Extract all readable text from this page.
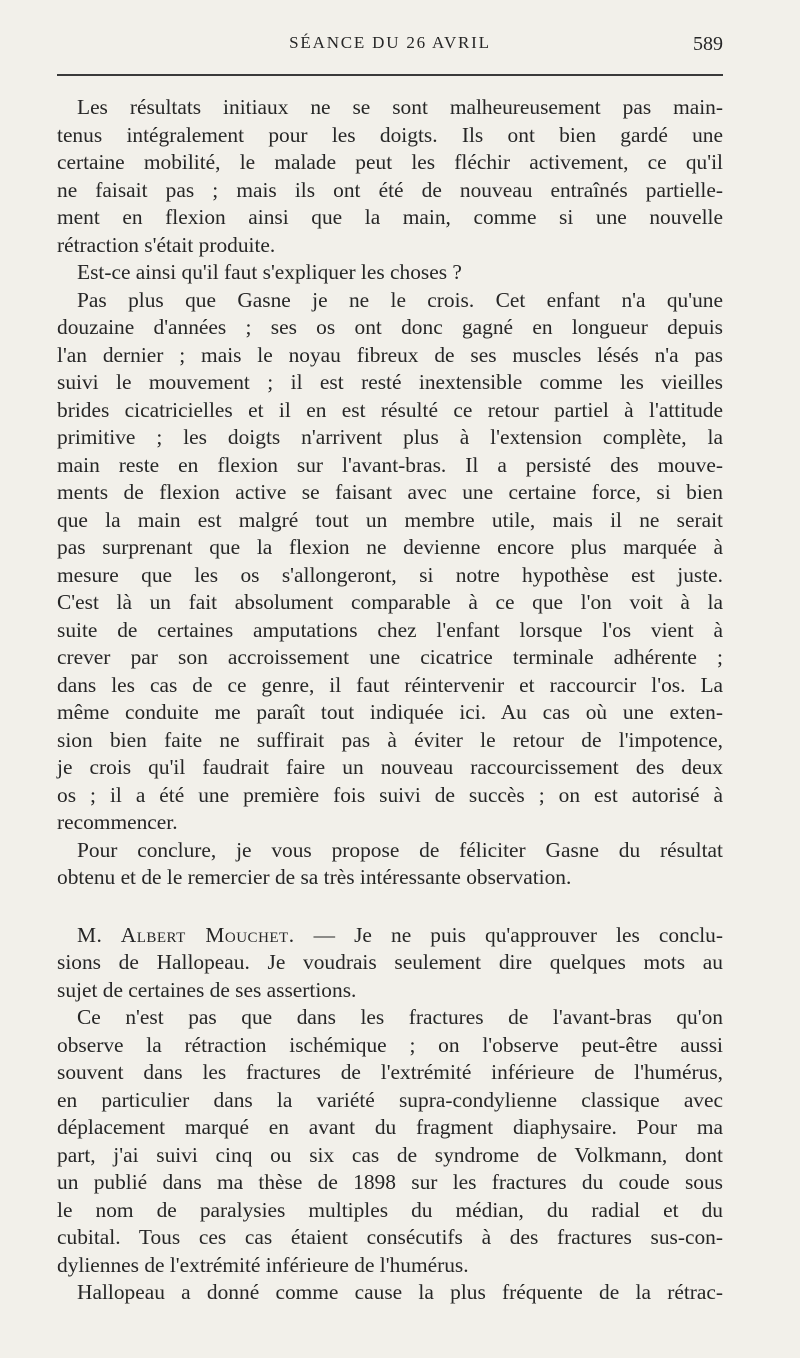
SÉANCE DU 26 AVRIL	589
Les résultats initiaux ne se sont malheureusement pas main-
tenus intégralement pour les doigts. Ils ont bien gardé une
certaine mobilité, le malade peut les fléchir activement, ce qu'il
ne faisait pas ; mais ils ont été de nouveau entraînés partielle-
ment en flexion ainsi que la main, comme si une nouvelle
rétraction s'était produite.
Est-ce ainsi qu'il faut s'expliquer les choses ?
Pas plus que Gasne je ne le crois. Cet enfant n'a qu'une
douzaine d'années ; ses os ont donc gagné en longueur depuis
l'an dernier ; mais le noyau fibreux de ses muscles lésés n'a pas
suivi le mouvement ; il est resté inextensible comme les vieilles
brides cicatricielles et il en est résulté ce retour partiel à l'attitude
primitive ; les doigts n'arrivent plus à l'extension complète, la
main reste en flexion sur l'avant-bras. Il a persisté des mouve-
ments de flexion active se faisant avec une certaine force, si bien
que la main est malgré tout un membre utile, mais il ne serait
pas surprenant que la flexion ne devienne encore plus marquée à
mesure que les os s'allongeront, si notre hypothèse est juste.
C'est là un fait absolument comparable à ce que l'on voit à la
suite de certaines amputations chez l'enfant lorsque l'os vient à
crever par son accroissement une cicatrice terminale adhérente ;
dans les cas de ce genre, il faut réintervenir et raccourcir l'os. La
même conduite me paraît tout indiquée ici. Au cas où une exten-
sion bien faite ne suffirait pas à éviter le retour de l'impotence,
je crois qu'il faudrait faire un nouveau raccourcissement des deux
os ; il a été une première fois suivi de succès ; on est autorisé à
recommencer.
Pour conclure, je vous propose de féliciter Gasne du résultat
obtenu et de le remercier de sa très intéressante observation.
M. Albert Mouchet. — Je ne puis qu'approuver les conclu-
sions de Hallopeau. Je voudrais seulement dire quelques mots au
sujet de certaines de ses assertions.
Ce n'est pas que dans les fractures de l'avant-bras qu'on
observe la rétraction ischémique ; on l'observe peut-être aussi
souvent dans les fractures de l'extrémité inférieure de l'humérus,
en particulier dans la variété supra-condylienne classique avec
déplacement marqué en avant du fragment diaphysaire. Pour ma
part, j'ai suivi cinq ou six cas de syndrome de Volkmann, dont
un publié dans ma thèse de 1898 sur les fractures du coude sous
le nom de paralysies multiples du médian, du radial et du
cubital. Tous ces cas étaient consécutifs à des fractures sus-con-
dyliennes de l'extrémité inférieure de l'humérus.
Hallopeau a donné comme cause la plus fréquente de la rétrac-
